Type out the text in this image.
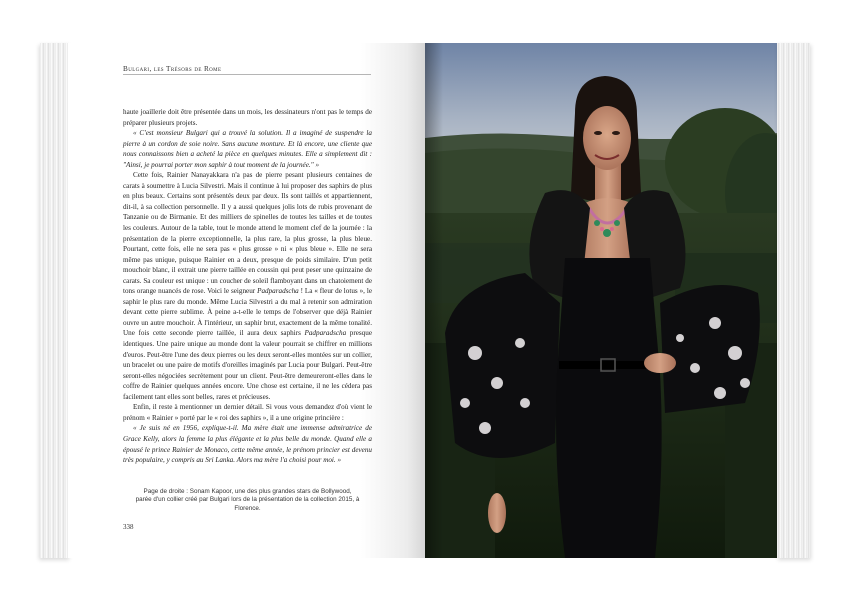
Bulgari, les Trésors de Rome

haute joaillerie doit être présentée dans un mois, les dessinateurs n'ont pas le temps de préparer plusieurs projets.

« C'est monsieur Bulgari qui a trouvé la solution. Il a imaginé de suspendre la pierre à un cordon de soie noire. Sans aucune monture. Et là encore, une cliente que nous connaissons bien a acheté la pièce en quelques minutes. Elle a simplement dit : "Ainsi, je pourrai porter mon saphir à tout moment de la journée." »

Cette fois, Rainier Nanayakkara n'a pas de pierre pesant plusieurs centaines de carats à soumettre à Lucia Silvestri. Mais il continue à lui proposer des saphirs de plus en plus beaux. Certains sont présentés deux par deux. Ils sont taillés et appartiennent, dit-il, à sa collection personnelle. Il y a aussi quelques jolis lots de rubis provenant de Tanzanie ou de Birmanie. Et des milliers de spinelles de toutes les tailles et de toutes les couleurs. Autour de la table, tout le monde attend le moment clef de la journée : la présentation de la pierre exceptionnelle, la plus rare, la plus grosse, la plus bleue. Pourtant, cette fois, elle ne sera pas « plus grosse » ni « plus bleue ». Elle ne sera même pas unique, puisque Rainier en a deux, presque de poids similaire. D'un petit mouchoir blanc, il extrait une pierre taillée en coussin qui peut peser une quinzaine de carats. Sa couleur est unique : un coucher de soleil flamboyant dans un chatoiement de tons orange nuancés de rose. Voici le seigneur Padparadscha ! La « fleur de lotus », le saphir le plus rare du monde. Même Lucia Silvestri a du mal à retenir son admiration devant cette pierre sublime. À peine a-t-elle le temps de l'observer que déjà Rainier ouvre un autre mouchoir. À l'intérieur, un saphir brut, exactement de la même tonalité. Une fois cette seconde pierre taillée, il aura deux saphirs Padparadscha presque identiques. Une paire unique au monde dont la valeur pourrait se chiffrer en millions d'euros. Peut-être l'une des deux pierres ou les deux seront-elles montées sur un collier, un bracelet ou une paire de motifs d'oreilles imaginés par Lucia pour Bulgari. Peut-être seront-elles négociées secrètement pour un client. Peut-être demeureront-elles dans le coffre de Rainier quelques années encore. Une chose est certaine, il ne les cédera pas facilement tant elles sont belles, rares et précieuses.

Enfin, il reste à mentionner un dernier détail. Si vous vous demandez d'où vient le prénom « Rainier » porté par le « roi des saphirs », il a une origine princière :

« Je suis né en 1956, explique-t-il. Ma mère était une immense admiratrice de Grace Kelly, alors la femme la plus élégante et la plus belle du monde. Quand elle a épousé le prince Rainier de Monaco, cette même année, le prénom princier est devenu très populaire, y compris au Sri Lanka. Alors ma mère l'a choisi pour moi. »

Page de droite : Sonam Kapoor, une des plus grandes stars de Bollywood,
parée d'un collier créé par Bulgari lors de la présentation de la collection 2015, à Florence.
338
